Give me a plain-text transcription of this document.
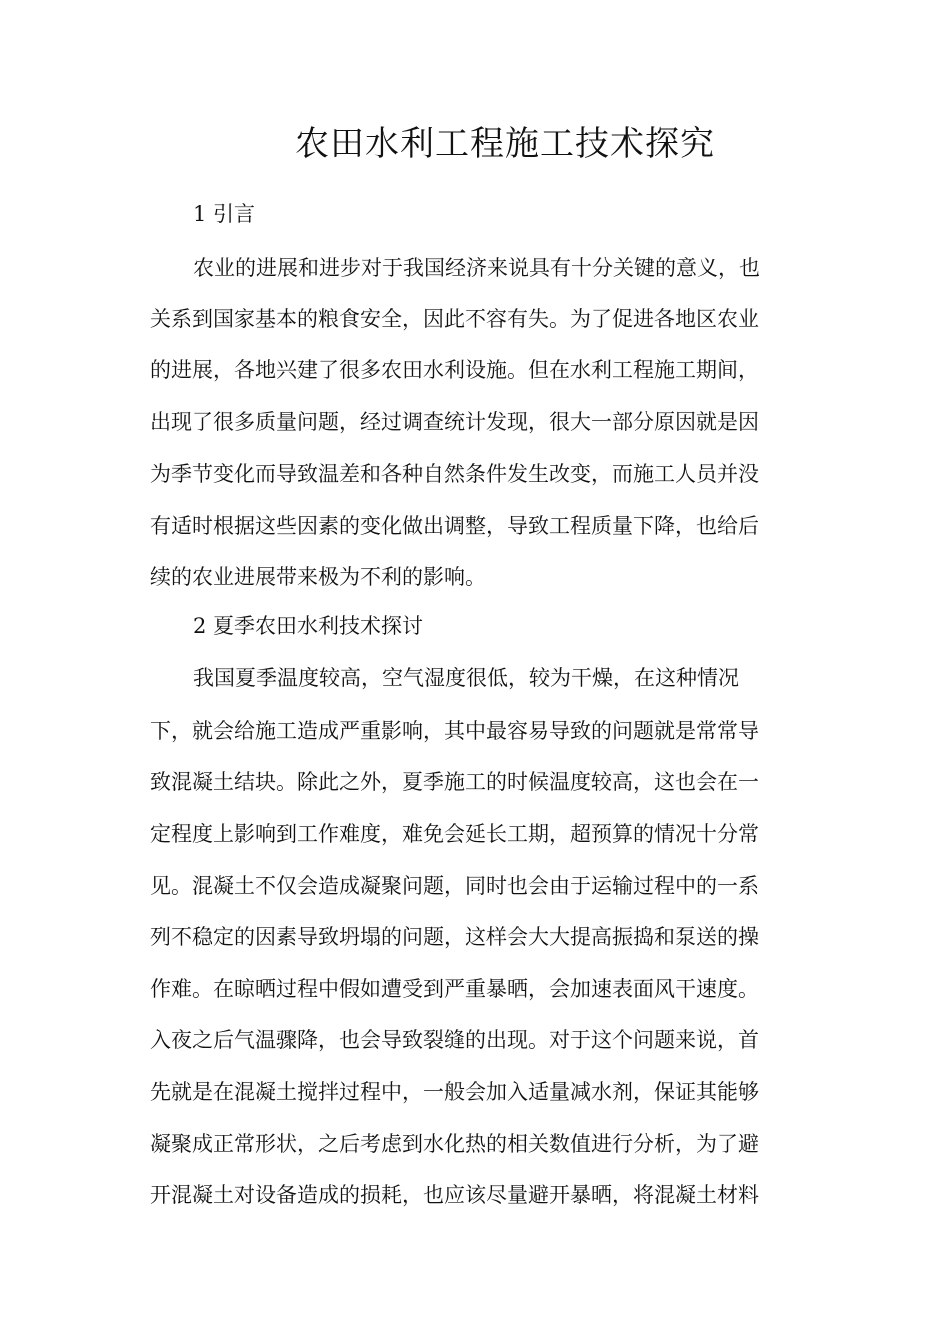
农田水利工程施工技术探究
1 引言
农业的进展和进步对于我国经济来说具有十分关键的意义，也
关系到国家基本的粮食安全，因此不容有失。为了促进各地区农业
的进展，各地兴建了很多农田水利设施。但在水利工程施工期间，
出现了很多质量问题，经过调查统计发现，很大一部分原因就是因
为季节变化而导致温差和各种自然条件发生改变，而施工人员并没
有适时根据这些因素的变化做出调整，导致工程质量下降，也给后
续的农业进展带来极为不利的影响。
2 夏季农田水利技术探讨
我国夏季温度较高，空气湿度很低，较为干燥，在这种情况
下，就会给施工造成严重影响，其中最容易导致的问题就是常常导
致混凝土结块。除此之外，夏季施工的时候温度较高，这也会在一
定程度上影响到工作难度，难免会延长工期，超预算的情况十分常
见。混凝土不仅会造成凝聚问题，同时也会由于运输过程中的一系
列不稳定的因素导致坍塌的问题，这样会大大提高振捣和泵送的操
作难。在晾晒过程中假如遭受到严重暴晒，会加速表面风干速度。
入夜之后气温骤降，也会导致裂缝的出现。对于这个问题来说，首
先就是在混凝土搅拌过程中，一般会加入适量减水剂，保证其能够
凝聚成正常形状，之后考虑到水化热的相关数值进行分析，为了避
开混凝土对设备造成的损耗，也应该尽量避开暴晒，将混凝土材料
